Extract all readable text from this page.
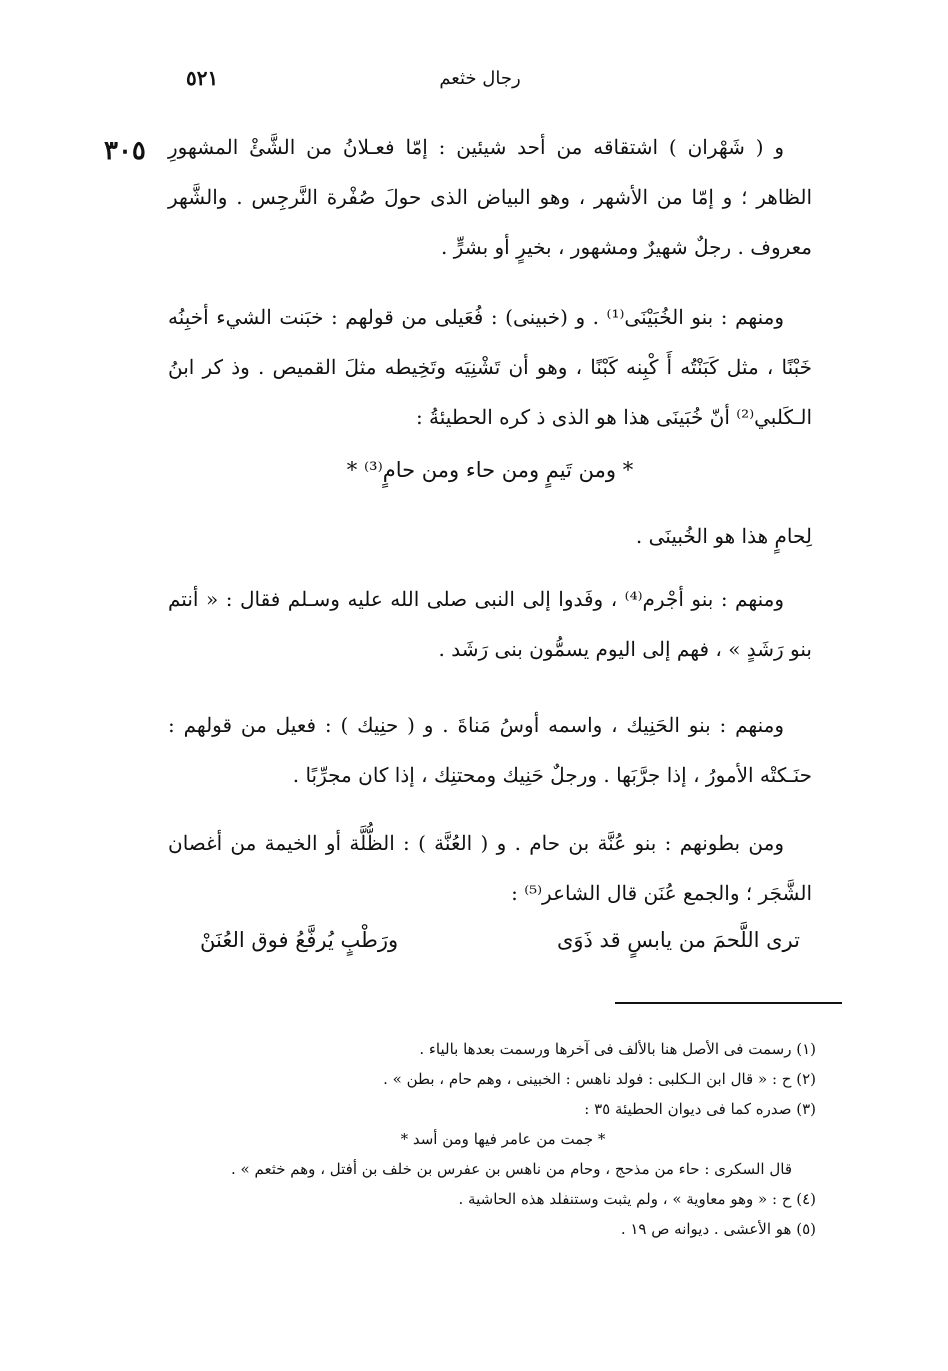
٥٢١	رجال خثعم
٣٠٥ و ( شَهْران ) اشتقاقه من أحد شيئين : إمّا فعـلانُ من الشَّئْ المشهورِ الظاهر ؛ و إمّا من الأشهر ، وهو البياض الذى حولَ صُفْرة النَّرجِس . والشَّهر معروف . رجلٌ شهيرٌ ومشهور ، بخيرٍ أو بشرٍّ .
ومنهم : بنو الخُبَيْنَى⁽¹⁾ . و (خبينى) : فُعَيلى من قولهم : خبَنت الشيء أخبِنُه خَبْنًا ، مثل كَبَنْتُه أَ كْبِنه كَبْنًا ، وهو أن تَشْنِيَه وتَخِيطه مثلَ القميص . وذ كر ابنُ الـكَلبي⁽²⁾ أنّ خُبَينَى هذا هو الذى ذ كره الحطيئةُ :
* ومن تَيمٍ ومن حاء ومن حامٍ⁽³⁾ *
لِحامٍ هذا هو الخُبينَى .
ومنهم : بنو أجْرم⁽⁴⁾ ، وفَدوا إلى النبى صلى الله عليه وسـلم فقال : « أنتم بنو رَشَدٍ » ، فهم إلى اليوم يسمُّون بنى رَشَد .
ومنهم : بنو الحَنِيك ، واسمه أوسُ مَناةَ . و ( حنِيك ) : فعيل من قولهم : حنَـكتْه الأمورُ ، إذا جرَّبَها . ورجلٌ حَنِيك ومحتنِك ، إذا كان مجرِّبًا .
ومن بطونهم : بنو عُنَّة بن حام . و ( العُنَّة ) : الظُّلَّة أو الخيمة من أغصان الشَّجَر ؛ والجمع عُنَن قال الشاعر⁽⁵⁾ :
ترى اللَّحمَ من يابسٍ قد ذَوَى
ورَطْبٍ يُرفَّعُ فوق العُنَنْ
(١) رسمت فى الأصل هنا بالألف فى آخرها ورسمت بعدها بالياء .
(٢) ح : « قال ابن الـكلبى : فولد ناهس : الخبينى ، وهم حام ، بطن » .
(٣) صدره كما فى ديوان الحطيئة ٣٥ :
* جمت من عامر فيها ومن أسد *
قال السكرى : حاء من مذحج ، وحام من ناهس بن عفرس بن خلف بن أفتل ، وهم خثعم » .
(٤) ح : « وهو معاوية » ، ولم يثبت وستنفلد هذه الحاشية .
(٥) هو الأعشى . ديوانه ص ١٩ .
